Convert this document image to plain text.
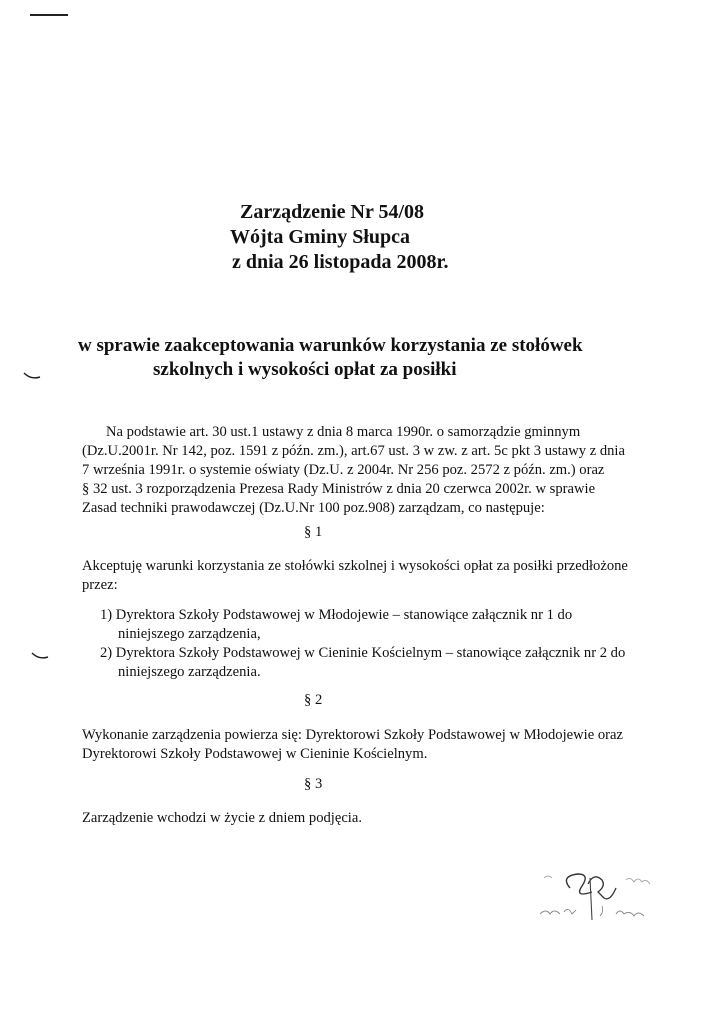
Zarządzenie Nr 54/08
Wójta Gminy Słupca
z dnia 26 listopada 2008r.
w sprawie zaakceptowania warunków korzystania ze stołówek
szkolnych i wysokości opłat za posiłki
Na podstawie art. 30 ust.1 ustawy z dnia 8 marca 1990r. o samorządzie gminnym
(Dz.U.2001r. Nr 142, poz. 1591 z późn. zm.), art.67 ust. 3 w zw. z art. 5c pkt 3 ustawy z dnia
7 września 1991r. o systemie oświaty (Dz.U. z 2004r. Nr 256 poz. 2572 z późn. zm.) oraz
§ 32 ust. 3 rozporządzenia Prezesa Rady Ministrów z dnia 20 czerwca 2002r. w sprawie
Zasad techniki prawodawczej (Dz.U.Nr 100 poz.908) zarządzam, co następuje:
§ 1
Akceptuję warunki korzystania ze stołówki szkolnej i wysokości opłat za posiłki przedłożone
przez:
1) Dyrektora Szkoły Podstawowej w Młodojewie – stanowiące załącznik nr 1 do
niniejszego zarządzenia,
2) Dyrektora Szkoły Podstawowej w Cieninie Kościelnym – stanowiące załącznik nr 2 do
niniejszego zarządzenia.
§ 2
Wykonanie zarządzenia powierza się: Dyrektorowi Szkoły Podstawowej w Młodojewie oraz
Dyrektorowi Szkoły Podstawowej w Cieninie Kościelnym.
§ 3
Zarządzenie wchodzi w życie z dniem podjęcia.
